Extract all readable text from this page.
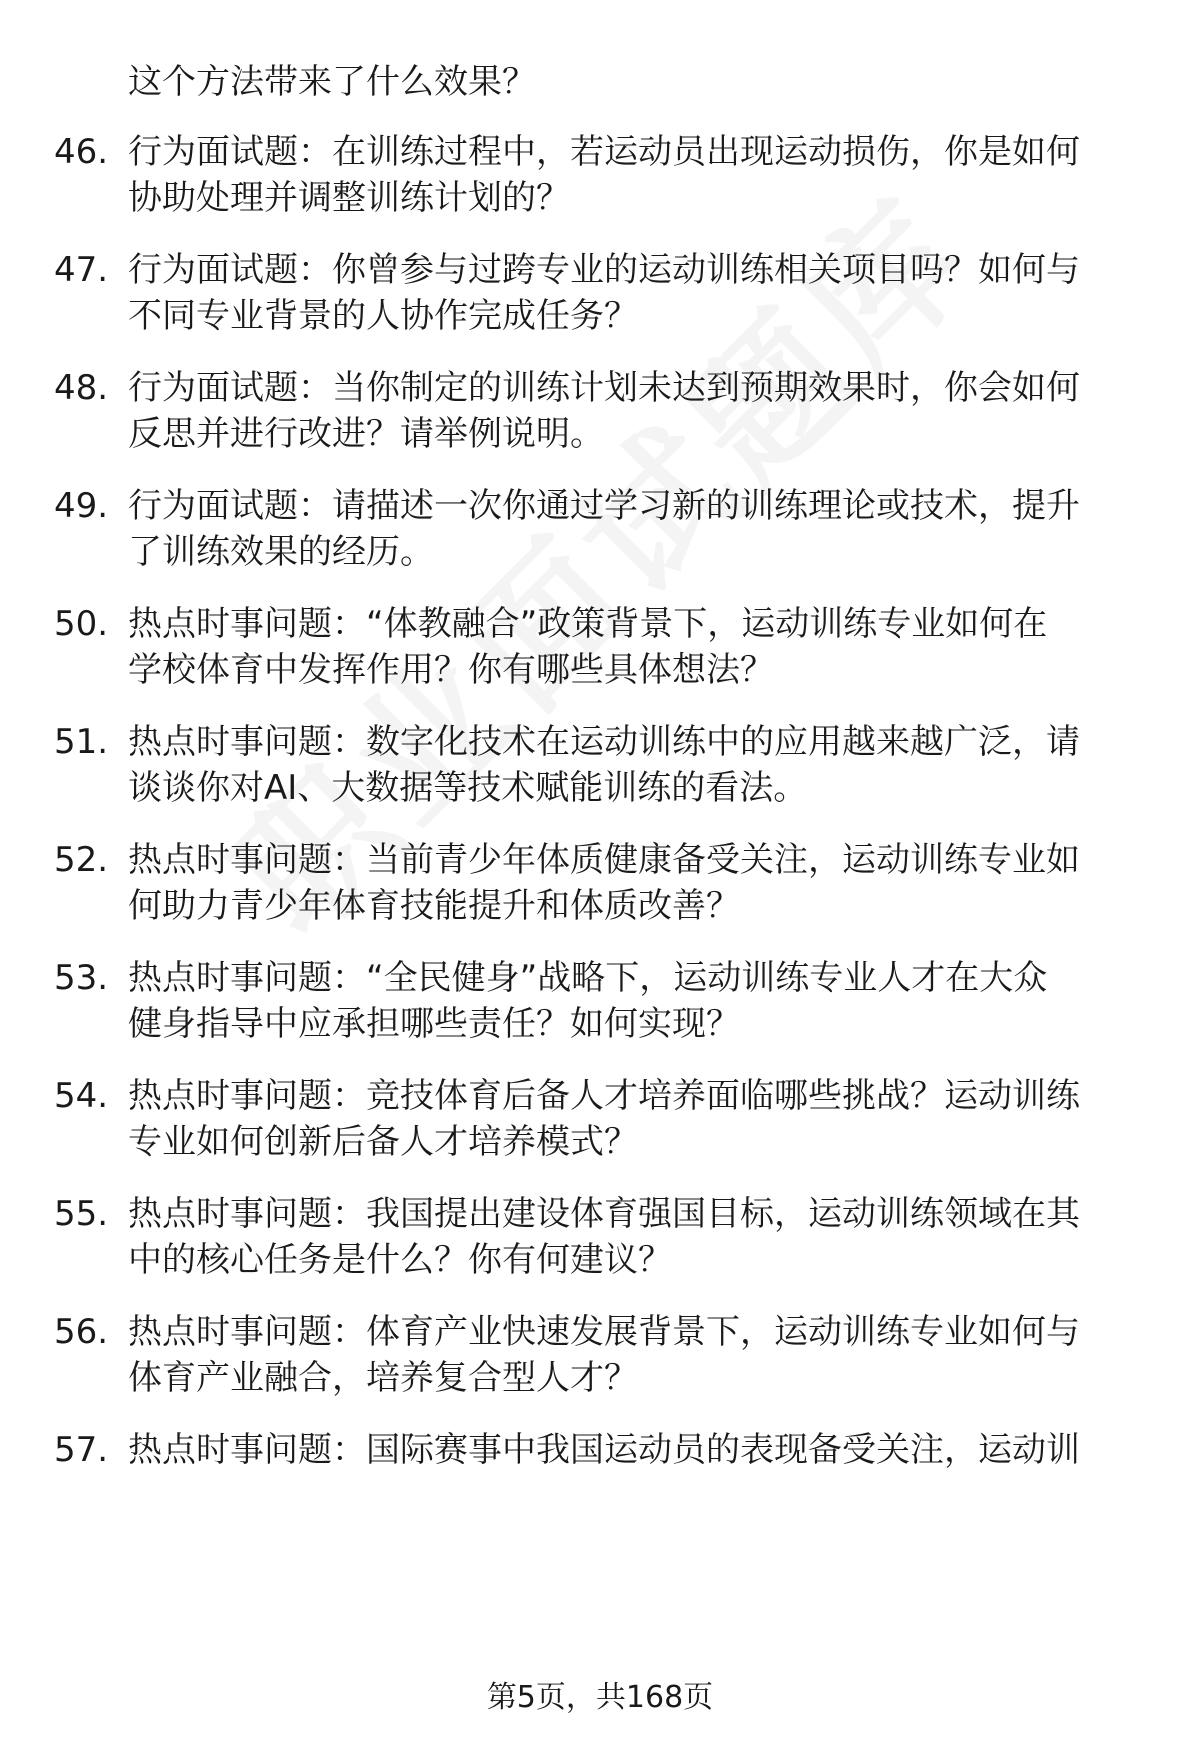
这个方法带来了什么效果？
46. 行为面试题：在训练过程中，若运动员出现运动损伤，你是如何
协助处理并调整训练计划的？
47. 行为面试题：你曾参与过跨专业的运动训练相关项目吗？如何与
不同专业背景的人协作完成任务？
48. 行为面试题：当你制定的训练计划未达到预期效果时，你会如何
反思并进行改进？请举例说明。
49. 行为面试题：请描述一次你通过学习新的训练理论或技术，提升
了训练效果的经历。
50. 热点时事问题：“体教融合”政策背景下，运动训练专业如何在
学校体育中发挥作用？你有哪些具体想法？
51. 热点时事问题：数字化技术在运动训练中的应用越来越广泛，请
谈谈你对AI、大数据等技术赋能训练的看法。
52. 热点时事问题：当前青少年体质健康备受关注，运动训练专业如
何助力青少年体育技能提升和体质改善？
53. 热点时事问题：“全民健身”战略下，运动训练专业人才在大众
健身指导中应承担哪些责任？如何实现？
54. 热点时事问题：竞技体育后备人才培养面临哪些挑战？运动训练
专业如何创新后备人才培养模式？
55. 热点时事问题：我国提出建设体育强国目标，运动训练领域在其
中的核心任务是什么？你有何建议？
56. 热点时事问题：体育产业快速发展背景下，运动训练专业如何与
体育产业融合，培养复合型人才？
57. 热点时事问题：国际赛事中我国运动员的表现备受关注，运动训
第5页，共168页
